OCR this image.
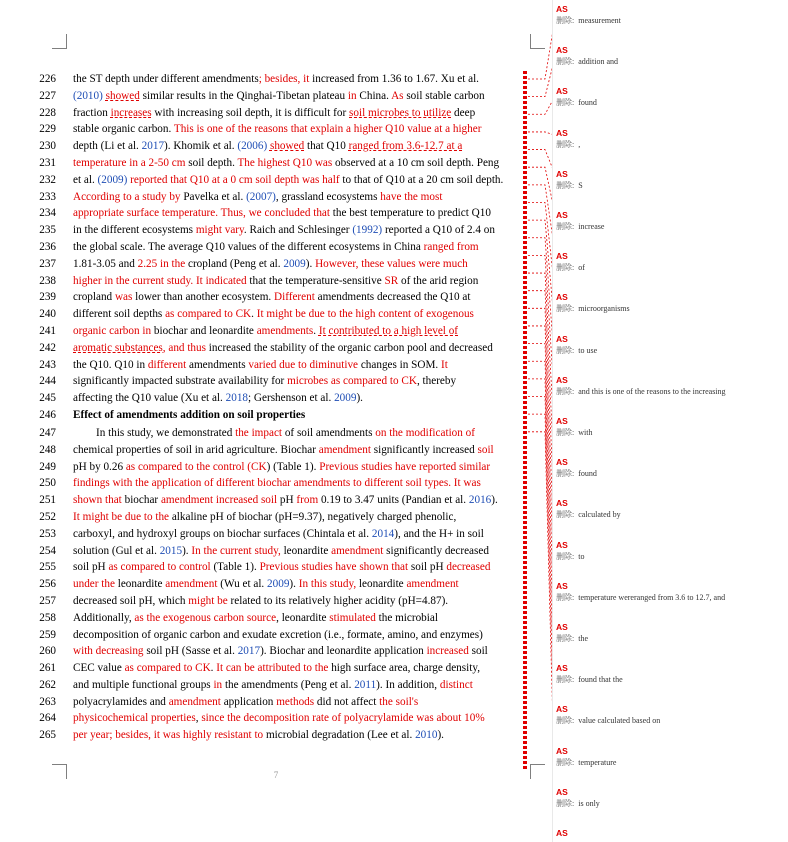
226 the ST depth under different amendments; besides, it increased from 1.36 to 1.67. Xu et al.
227 (2010) showed similar results in the Qinghai-Tibetan plateau in China. As soil stable carbon
228 fraction increases with increasing soil depth, it is difficult for soil microbes to utilize deep
229 stable organic carbon. This is one of the reasons that explain a higher Q10 value at a higher
230 depth (Li et al. 2017). Khomik et al. (2006) showed that Q10 ranged from 3.6-12.7 at a
231 temperature in a 2-50 cm soil depth. The highest Q10 was observed at a 10 cm soil depth. Peng
232 et al. (2009) reported that Q10 at a 0 cm soil depth was half to that of Q10 at a 20 cm soil depth.
233 According to a study by Pavelka et al. (2007), grassland ecosystems have the most
234 appropriate surface temperature. Thus, we concluded that the best temperature to predict Q10
235 in the different ecosystems might vary. Raich and Schlesinger (1992) reported a Q10 of 2.4 on
236 the global scale. The average Q10 values of the different ecosystems in China ranged from
237 1.81-3.05 and 2.25 in the cropland (Peng et al. 2009). However, these values were much
238 higher in the current study. It indicated that the temperature-sensitive SR of the arid region
239 cropland was lower than another ecosystem. Different amendments decreased the Q10 at
240 different soil depths as compared to CK. It might be due to the high content of exogenous
241 organic carbon in biochar and leonardite amendments. It contributed to a high level of
242 aromatic substances, and thus increased the stability of the organic carbon pool and decreased
243 the Q10. Q10 in different amendments varied due to diminutive changes in SOM. It
244 significantly impacted substrate availability for microbes as compared to CK, thereby
245 affecting the Q10 value (Xu et al. 2018; Gershenson et al. 2009).
246 Effect of amendments addition on soil properties
247	In this study, we demonstrated the impact of soil amendments on the modification of
248 chemical properties of soil in arid agriculture. Biochar amendment significantly increased soil
249 pH by 0.26 as compared to the control (CK) (Table 1). Previous studies have reported similar
250 findings with the application of different biochar amendments to different soil types. It was
251 shown that biochar amendment increased soil pH from 0.19 to 3.47 units (Pandian et al. 2016).
252 It might be due to the alkaline pH of biochar (pH=9.37), negatively charged phenolic,
253 carboxyl, and hydroxyl groups on biochar surfaces (Chintala et al. 2014), and the H+ in soil
254 solution (Gul et al. 2015). In the current study, leonardite amendment significantly decreased
255 soil pH as compared to control (Table 1). Previous studies have shown that soil pH decreased
256 under the leonardite amendment (Wu et al. 2009). In this study, leonardite amendment
257 decreased soil pH, which might be related to its relatively higher acidity (pH=4.87).
258 Additionally, as the exogenous carbon source, leonardite stimulated the microbial
259 decomposition of organic carbon and exudate excretion (i.e., formate, amino, and enzymes)
260 with decreasing soil pH (Sasse et al. 2017). Biochar and leonardite application increased soil
261 CEC value as compared to CK. It can be attributed to the high surface area, charge density,
262 and multiple functional groups in the amendments (Peng et al. 2011). In addition, distinct
263 polyacrylamides and amendment application methods did not affect the soil's
264 physicochemical properties, since the decomposition rate of polyacrylamide was about 10%
265 per year; besides, it was highly resistant to microbial degradation (Lee et al. 2010).
7
AS
删除: measurement
AS
删除: addition and
AS
删除: found
AS
删除: ,
AS
删除: S
AS
删除: increase
AS
删除: of
AS
删除: microorganisms
AS
删除: to use
AS
删除: and this is one of the reasons to the increasing
AS
删除: with
AS
删除: found
AS
删除: calculated by
AS
删除: to
AS
删除: temperature wereranged from 3.6 to 12.7, and
AS
删除: the
AS
删除: found that the
AS
删除: value calculated based on
AS
删除: temperature
AS
删除: is only
AS
